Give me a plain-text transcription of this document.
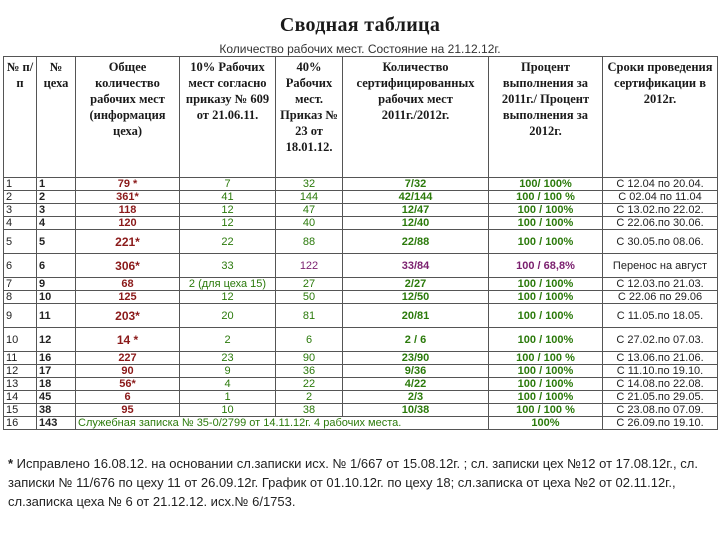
Сводная таблица
Количество рабочих мест. Состояние на 21.12.12г.
№ п/п	№ цеха	Общее количество рабочих мест (информация цеха)	10% Рабочих мест согласно приказу № 609 от 21.06.11.	40% Рабочих мест. Приказ № 23 от 18.01.12.	Количество сертифицированных рабочих мест 2011г./2012г.	Процент выполнения за 2011г./ Процент выполнения за 2012г.	Сроки проведения сертификации в 2012г.
1	1	79 *	7	32	7/32	100/ 100%	С 12.04 по 20.04.
2	2	361*	41	144	42/144	100 / 100 %	С 02.04 по 11.04
3	3	118	12	47	12/47	100 / 100%	С 13.02.по 22.02.
4	4	120	12	40	12/40	100 / 100%	С 22.06.по 30.06.
5	5	221*	22	88	22/88	100 / 100%	С 30.05.по 08.06.
6	6	306*	33	122	33/84	100 / 68,8%	Перенос на август
7	9	68	2 (для цеха 15)	27	2/27	100 / 100%	С 12.03.по 21.03.
8	10	125	12	50	12/50	100 / 100%	С 22.06 по 29.06
9	11	203*	20	81	20/81	100 / 100%	С 11.05.по 18.05.
10	12	14 *	2	6	2 / 6	100 / 100%	С 27.02.по 07.03.
11	16	227	23	90	23/90	100 / 100 %	С 13.06.по 21.06.
12	17	90	9	36	9/36	100 / 100%	С 11.10.по 19.10.
13	18	56*	4	22	4/22	100 / 100%	С 14.08.по 22.08.
14	45	6	1	2	2/3	100 / 100%	С 21.05.по 29.05.
15	38	95	10	38	10/38	100 / 100 %	С 23.08.по 07.09.
16	143	Служебная записка № 35-0/2799 от 14.11.12г. 4 рабочих места.				100%	С 26.09.по 19.10.
* Исправлено 16.08.12. на основании сл.записки исх. № 1/667 от 15.08.12г. ; сл. записки цех №12 от 17.08.12г., сл. записки № 11/676 по цеху 11 от 26.09.12г. График от 01.10.12г. по цеху 18; сл.записка от цеха №2 от 02.11.12г., сл.записка цеха № 6 от 21.12.12. исх.№ 6/1753.
